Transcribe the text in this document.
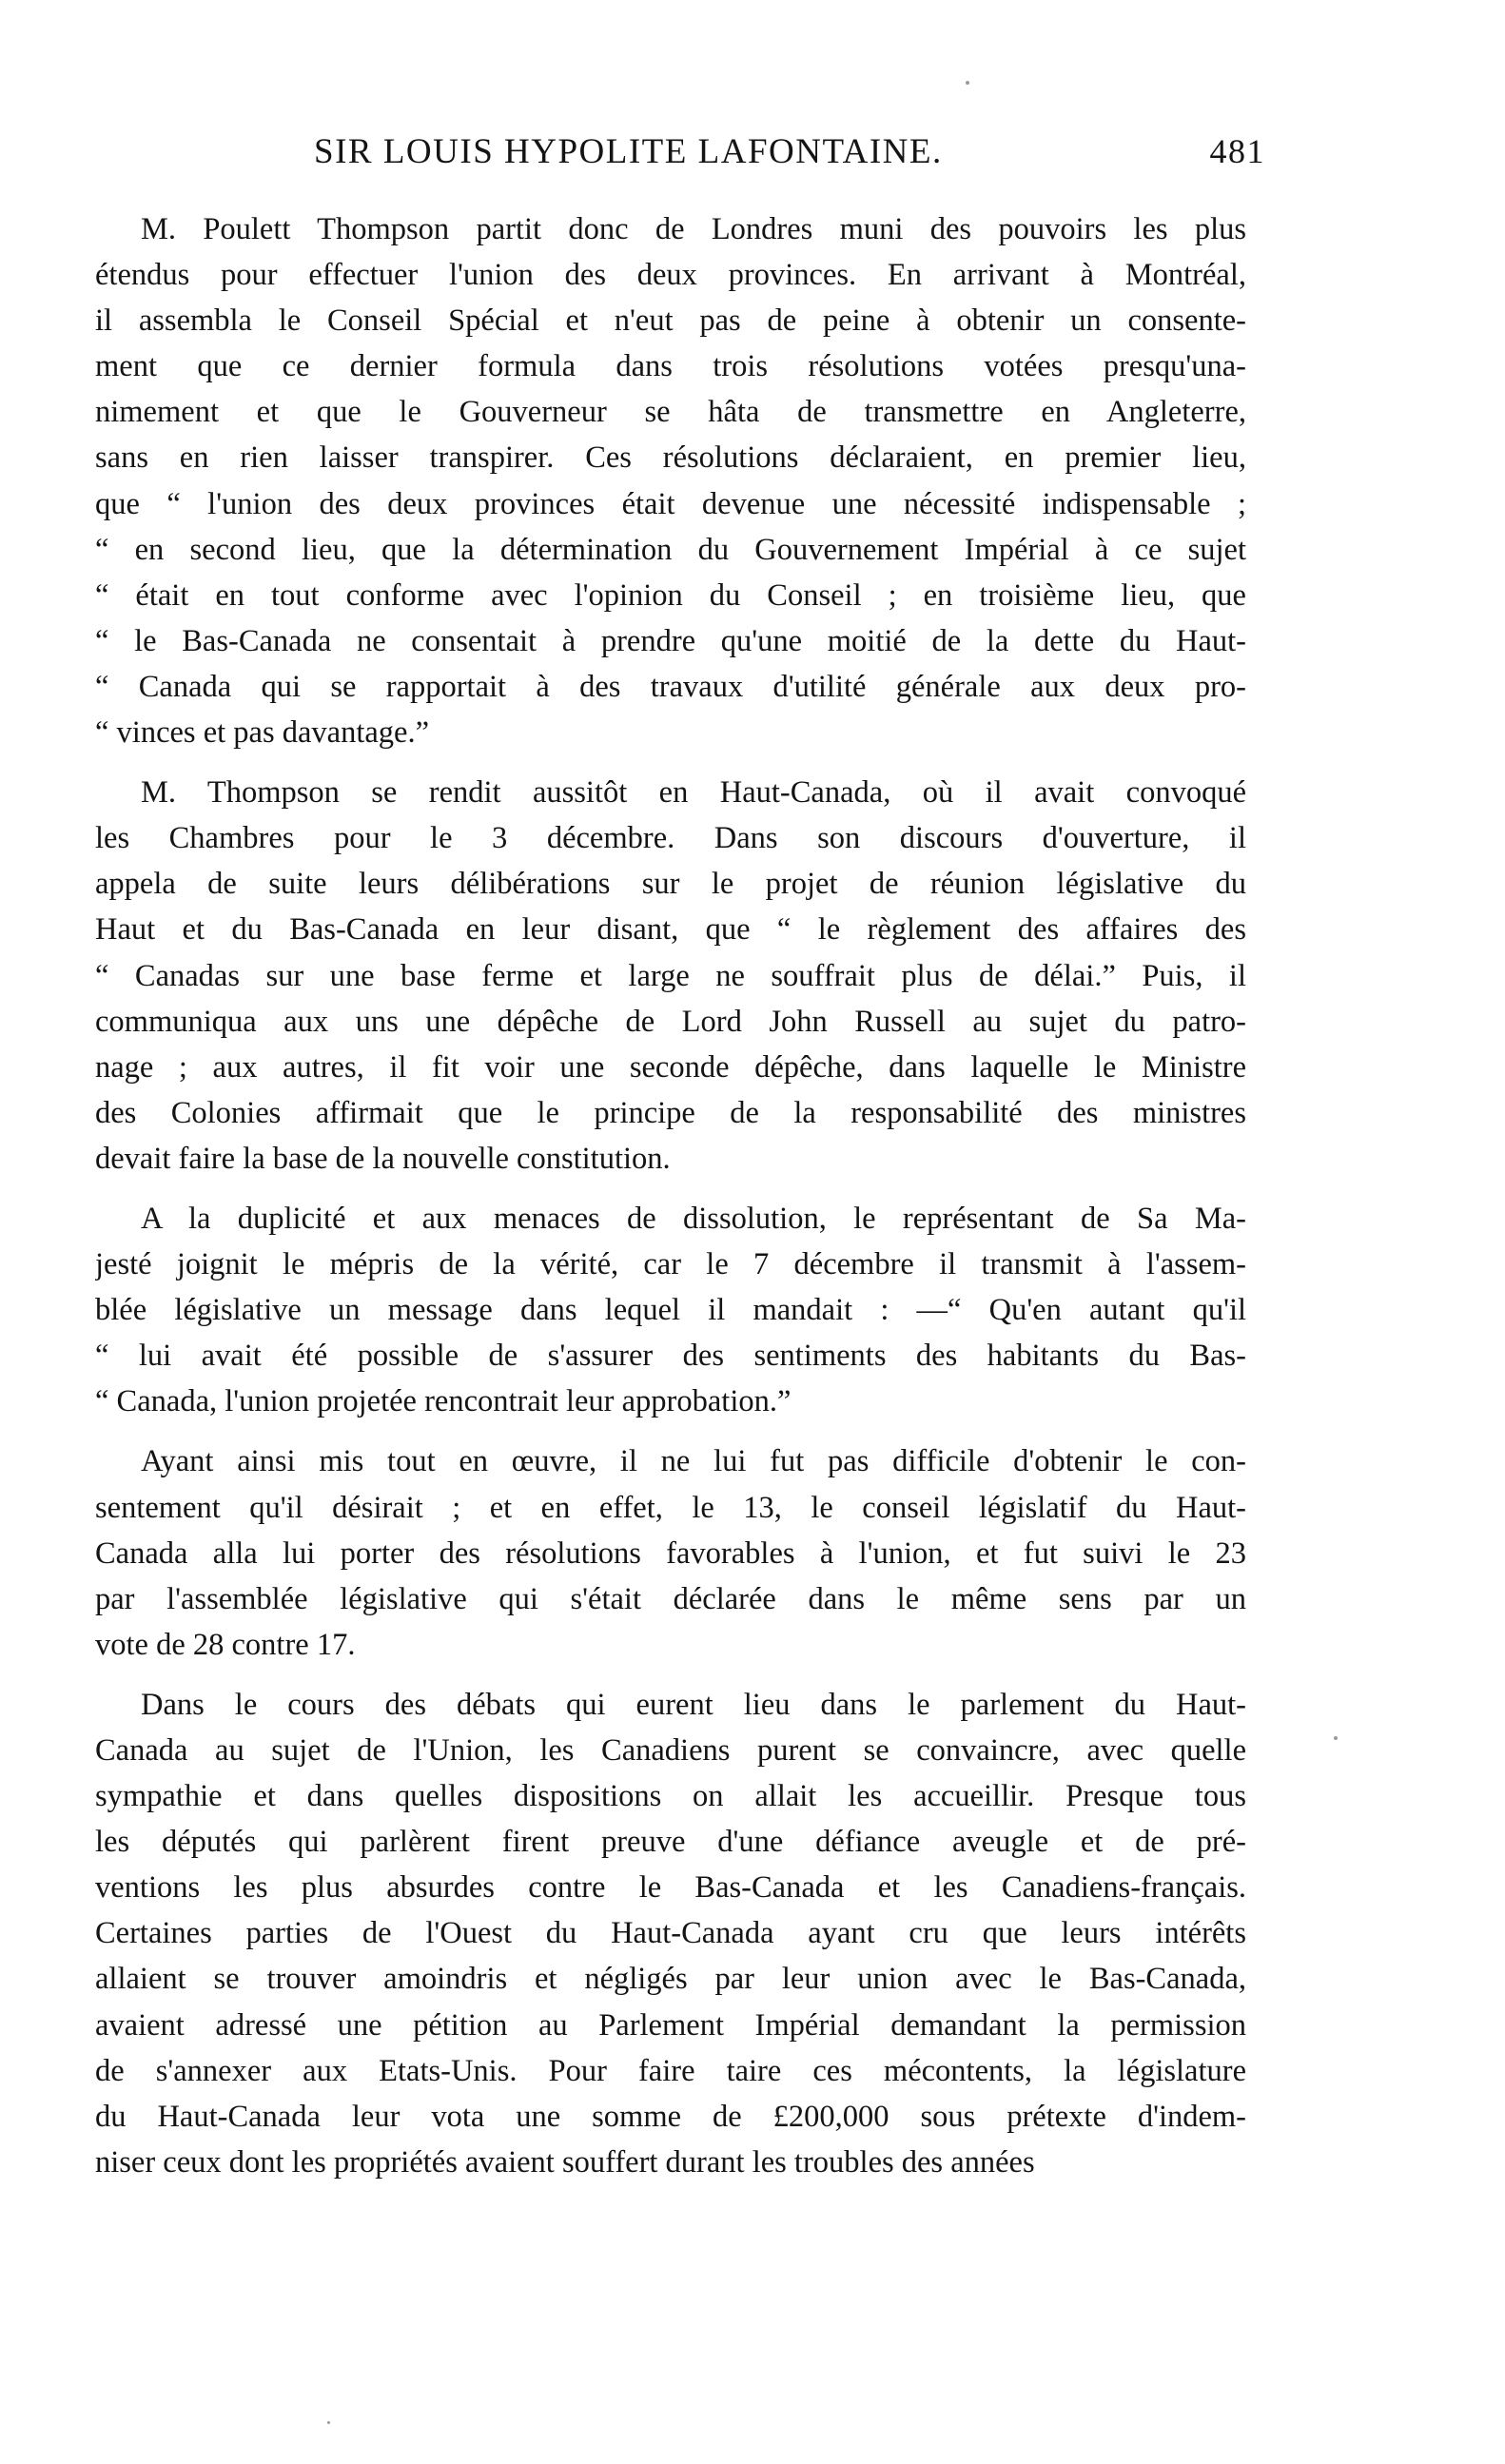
SIR LOUIS HYPOLITE LAFONTAINE.	481
M. Poulett Thompson partit donc de Londres muni des pouvoirs les plus
étendus pour effectuer l'union des deux provinces. En arrivant à Montréal,
il assembla le Conseil Spécial et n'eut pas de peine à obtenir un consente-
ment que ce dernier formula dans trois résolutions votées presqu'una-
nimement et que le Gouverneur se hâta de transmettre en Angleterre,
sans en rien laisser transpirer. Ces résolutions déclaraient, en premier lieu,
que “ l'union des deux provinces était devenue une nécessité indispensable ;
“ en second lieu, que la détermination du Gouvernement Impérial à ce sujet
“ était en tout conforme avec l'opinion du Conseil ; en troisième lieu, que
“ le Bas-Canada ne consentait à prendre qu'une moitié de la dette du Haut-
“ Canada qui se rapportait à des travaux d'utilité générale aux deux pro-
“ vinces et pas davantage.”
M. Thompson se rendit aussitôt en Haut-Canada, où il avait convoqué
les Chambres pour le 3 décembre. Dans son discours d'ouverture, il
appela de suite leurs délibérations sur le projet de réunion législative du
Haut et du Bas-Canada en leur disant, que “ le règlement des affaires des
“ Canadas sur une base ferme et large ne souffrait plus de délai.” Puis, il
communiqua aux uns une dépêche de Lord John Russell au sujet du patro-
nage ; aux autres, il fit voir une seconde dépêche, dans laquelle le Ministre
des Colonies affirmait que le principe de la responsabilité des ministres
devait faire la base de la nouvelle constitution.
A la duplicité et aux menaces de dissolution, le représentant de Sa Ma-
jesté joignit le mépris de la vérité, car le 7 décembre il transmit à l'assem-
blée législative un message dans lequel il mandait : —“ Qu'en autant qu'il
“ lui avait été possible de s'assurer des sentiments des habitants du Bas-
“ Canada, l'union projetée rencontrait leur approbation.”
Ayant ainsi mis tout en œuvre, il ne lui fut pas difficile d'obtenir le con-
sentement qu'il désirait ; et en effet, le 13, le conseil législatif du Haut-
Canada alla lui porter des résolutions favorables à l'union, et fut suivi le 23
par l'assemblée législative qui s'était déclarée dans le même sens par un
vote de 28 contre 17.
Dans le cours des débats qui eurent lieu dans le parlement du Haut-
Canada au sujet de l'Union, les Canadiens purent se convaincre, avec quelle
sympathie et dans quelles dispositions on allait les accueillir. Presque tous
les députés qui parlèrent firent preuve d'une défiance aveugle et de pré-
ventions les plus absurdes contre le Bas-Canada et les Canadiens-français.
Certaines parties de l'Ouest du Haut-Canada ayant cru que leurs intérêts
allaient se trouver amoindris et négligés par leur union avec le Bas-Canada,
avaient adressé une pétition au Parlement Impérial demandant la permission
de s'annexer aux Etats-Unis. Pour faire taire ces mécontents, la législature
du Haut-Canada leur vota une somme de £200,000 sous prétexte d'indem-
niser ceux dont les propriétés avaient souffert durant les troubles des années
